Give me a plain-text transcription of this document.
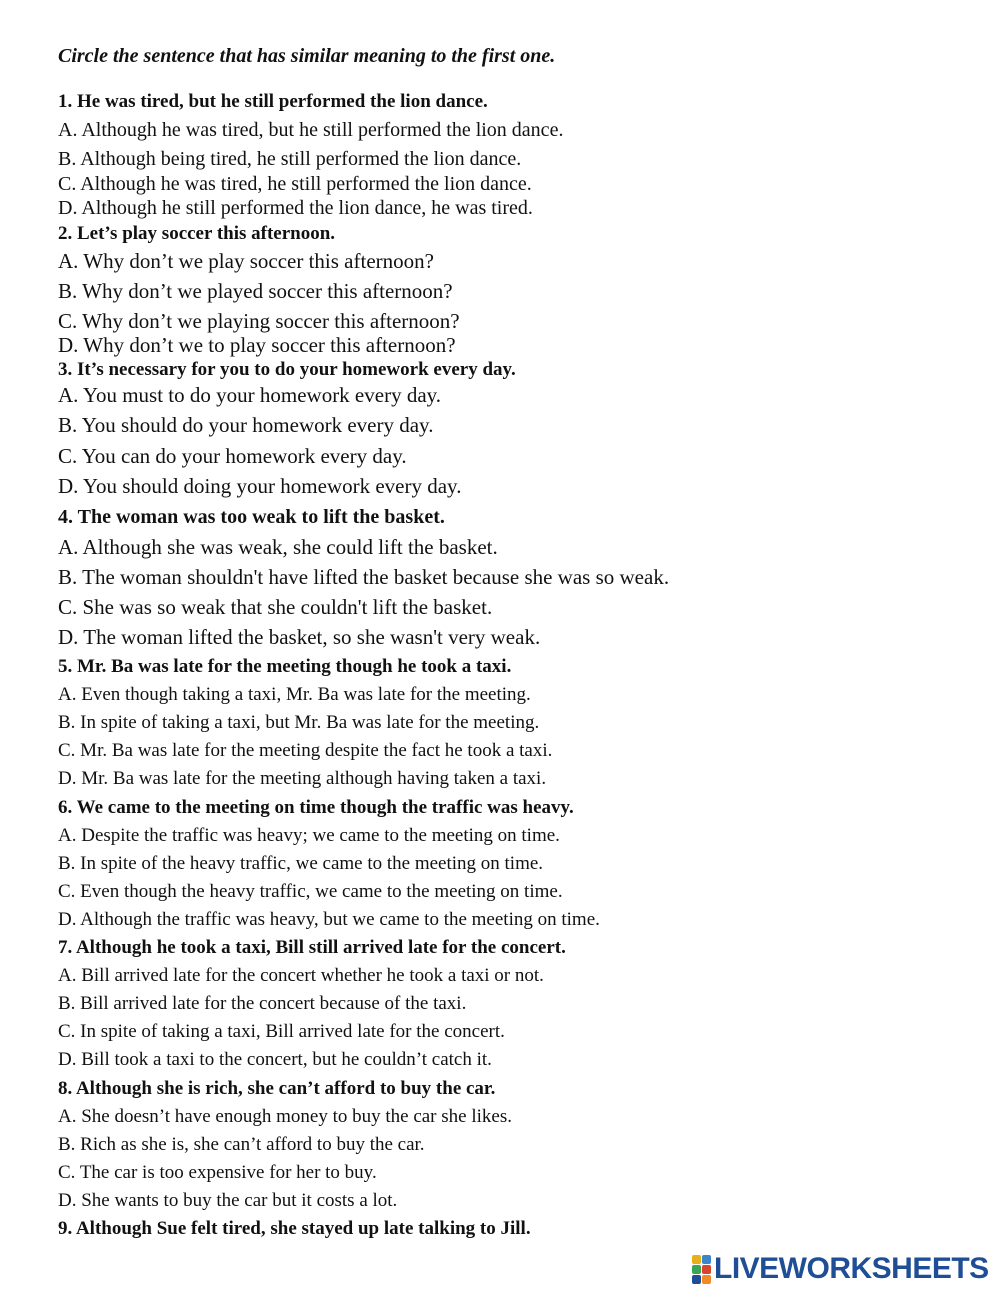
Circle the sentence that has similar meaning to the first one.
1. He was tired, but he still performed the lion dance.
A. Although he was tired, but he still performed the lion dance.
B. Although being tired, he still performed the lion dance.
C. Although he was tired, he still performed the lion dance.
D. Although he still performed the lion dance, he was tired.
2. Let’s play soccer this afternoon.
A. Why don’t we play soccer this afternoon?
B. Why don’t we played soccer this afternoon?
C. Why don’t we playing soccer this afternoon?
D. Why don’t we to play soccer this afternoon?
3. It’s necessary for you to do your homework every day.
A. You must to do your homework every day.
B. You should do your homework every day.
C. You can do your homework every day.
D. You should doing your homework every day.
4. The woman was too weak to lift the basket.
A. Although she was weak, she could lift the basket.
B. The woman shouldn't have lifted the basket because she was so weak.
C. She was so weak that she couldn't lift the basket.
D. The woman lifted the basket, so she wasn't very weak.
5. Mr. Ba was late for the meeting though he took a taxi.
A. Even though taking a taxi, Mr. Ba was late for the meeting.
B. In spite of taking a taxi, but Mr. Ba was late for the meeting.
C. Mr. Ba was late for the meeting despite the fact he took a taxi.
D. Mr. Ba was late for the meeting although having taken a taxi.
6. We came to the meeting on time though the traffic was heavy.
A. Despite the traffic was heavy; we came to the meeting on time.
B. In spite of the heavy traffic, we came to the meeting on time.
C. Even though the heavy traffic, we came to the meeting on time.
D. Although the traffic was heavy, but we came to the meeting on time.
7. Although he took a taxi, Bill still arrived late for the concert.
A. Bill arrived late for the concert whether he took a taxi or not.
B. Bill arrived late for the concert because of the taxi.
C. In spite of taking a taxi, Bill arrived late for the concert.
D. Bill took a taxi to the concert, but he couldn’t catch it.
8. Although she is rich, she can’t afford to buy the car.
A. She doesn’t have enough money to buy the car she likes.
B. Rich as she is, she can’t afford to buy the car.
C. The car is too expensive for her to buy.
D. She wants to buy the car but it costs a lot.
9. Although Sue felt tired, she stayed up late talking to Jill.
LIVEWORKSHEETS
